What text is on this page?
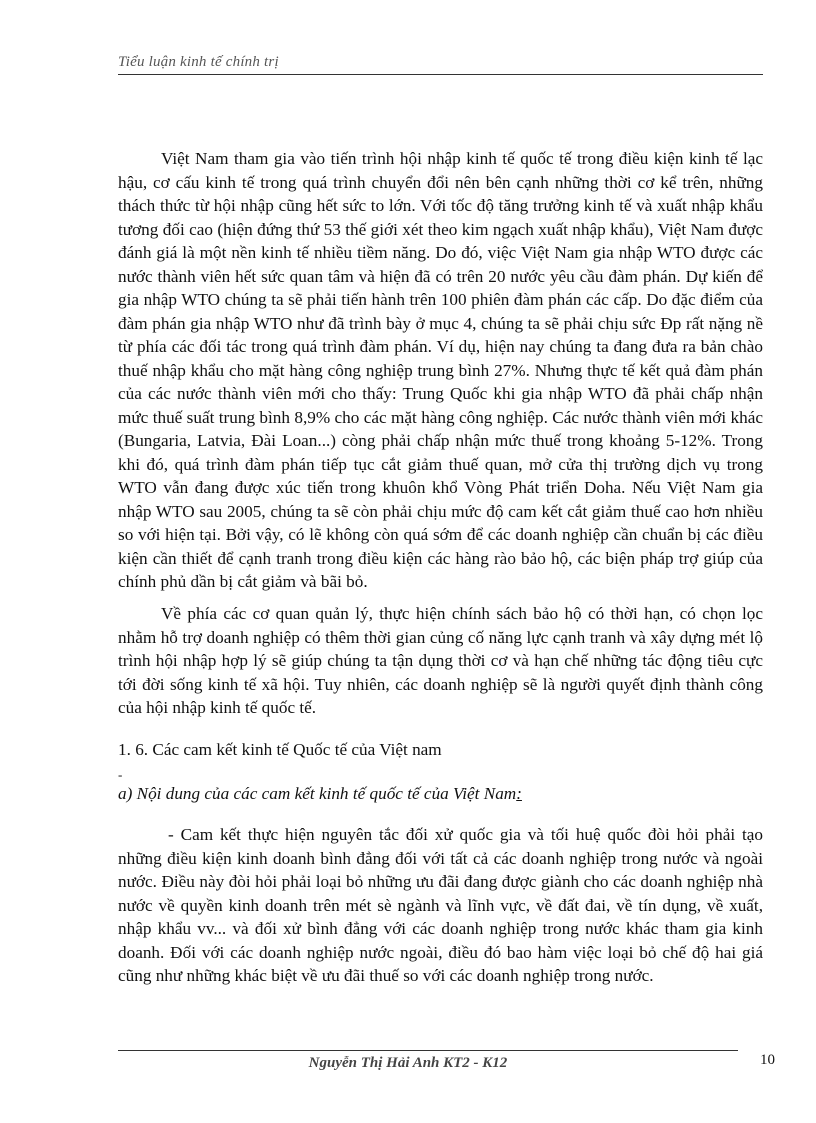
Tiểu luận kinh tế chính trị
Việt Nam tham gia vào tiến trình hội nhập kinh tế quốc tế trong điều kiện kinh tế lạc hậu, cơ cấu kinh tế trong quá trình chuyển đổi nên bên cạnh những thời cơ kể trên, những thách thức từ hội nhập cũng hết sức to lớn. Với tốc độ tăng trưởng kinh tế và xuất nhập khẩu tương đối cao (hiện đứng thứ 53 thế giới xét theo kim ngạch xuất nhập khẩu), Việt Nam được đánh giá là một nền kinh tế nhiều tiềm năng. Do đó, việc Việt Nam gia nhập WTO được các nước thành viên hết sức quan tâm và hiện đã có trên 20 nước yêu cầu đàm phán. Dự kiến để gia nhập WTO chúng ta sẽ phải tiến hành trên 100 phiên đàm phán các cấp. Do đặc điểm của đàm phán gia nhập WTO như đã trình bày ở mục 4, chúng ta sẽ phải chịu sức Đp rất nặng nề từ phía các đối tác trong quá trình đàm phán. Ví dụ, hiện nay chúng ta đang đưa ra bản chào thuế nhập khẩu cho mặt hàng công nghiệp trung bình 27%. Nhưng thực tế kết quả đàm phán của các nước thành viên mới cho thấy: Trung Quốc khi gia nhập WTO đã phải chấp nhận mức thuế suất trung bình 8,9% cho các mặt hàng công nghiệp. Các nước thành viên mới khác (Bungaria, Latvia, Đài Loan...) còng phải chấp nhận mức thuế trong khoảng 5-12%. Trong khi đó, quá trình đàm phán tiếp tục cắt giảm thuế quan, mở cửa thị trường dịch vụ trong WTO vẫn đang được xúc tiến trong khuôn khổ Vòng Phát triển Doha. Nếu Việt Nam gia nhập WTO sau 2005, chúng ta sẽ còn phải chịu mức độ cam kết cắt giảm thuế cao hơn nhiều so với hiện tại. Bởi vậy, có lẽ không còn quá sớm để các doanh nghiệp cần chuẩn bị các điều kiện cần thiết để cạnh tranh trong điều kiện các hàng rào bảo hộ, các biện pháp trợ giúp của chính phủ dần bị cắt giảm và bãi bỏ.
Về phía các cơ quan quản lý, thực hiện chính sách bảo hộ có thời hạn, có chọn lọc nhằm hỗ trợ doanh nghiệp có thêm thời gian củng cố năng lực cạnh tranh và xây dựng mét lộ trình hội nhập hợp lý sẽ giúp chúng ta tận dụng thời cơ và hạn chế những tác động tiêu cực tới đời sống kinh tế xã hội. Tuy nhiên, các doanh nghiệp sẽ là người quyết định thành công của hội nhập kinh tế quốc tế.
1. 6. Các cam kết kinh tế Quốc tế của Việt nam
-
a) Nội dung của các cam kết kinh tế quốc tế của Việt Nam:
- Cam kết thực hiện nguyên tắc đối xử quốc gia và tối huệ quốc đòi hỏi phải tạo những điều kiện kinh doanh bình đẳng đối với tất cả các doanh nghiệp trong nước và ngoài nước. Điều này đòi hỏi phải loại bỏ những ưu đãi đang được giành cho các doanh nghiệp nhà nước về quyền kinh doanh trên mét sè ngành và lĩnh vực, về đất đai, về tín dụng, về xuất, nhập khẩu vv... và đối xử bình đẳng với các doanh nghiệp trong nước khác tham gia kinh doanh. Đối với các doanh nghiệp nước ngoài, điều đó bao hàm việc loại bỏ chế độ hai giá cũng như những khác biệt về ưu đãi thuế so với các doanh nghiệp trong nước.
Nguyễn Thị Hải Anh KT2 - K12	10
